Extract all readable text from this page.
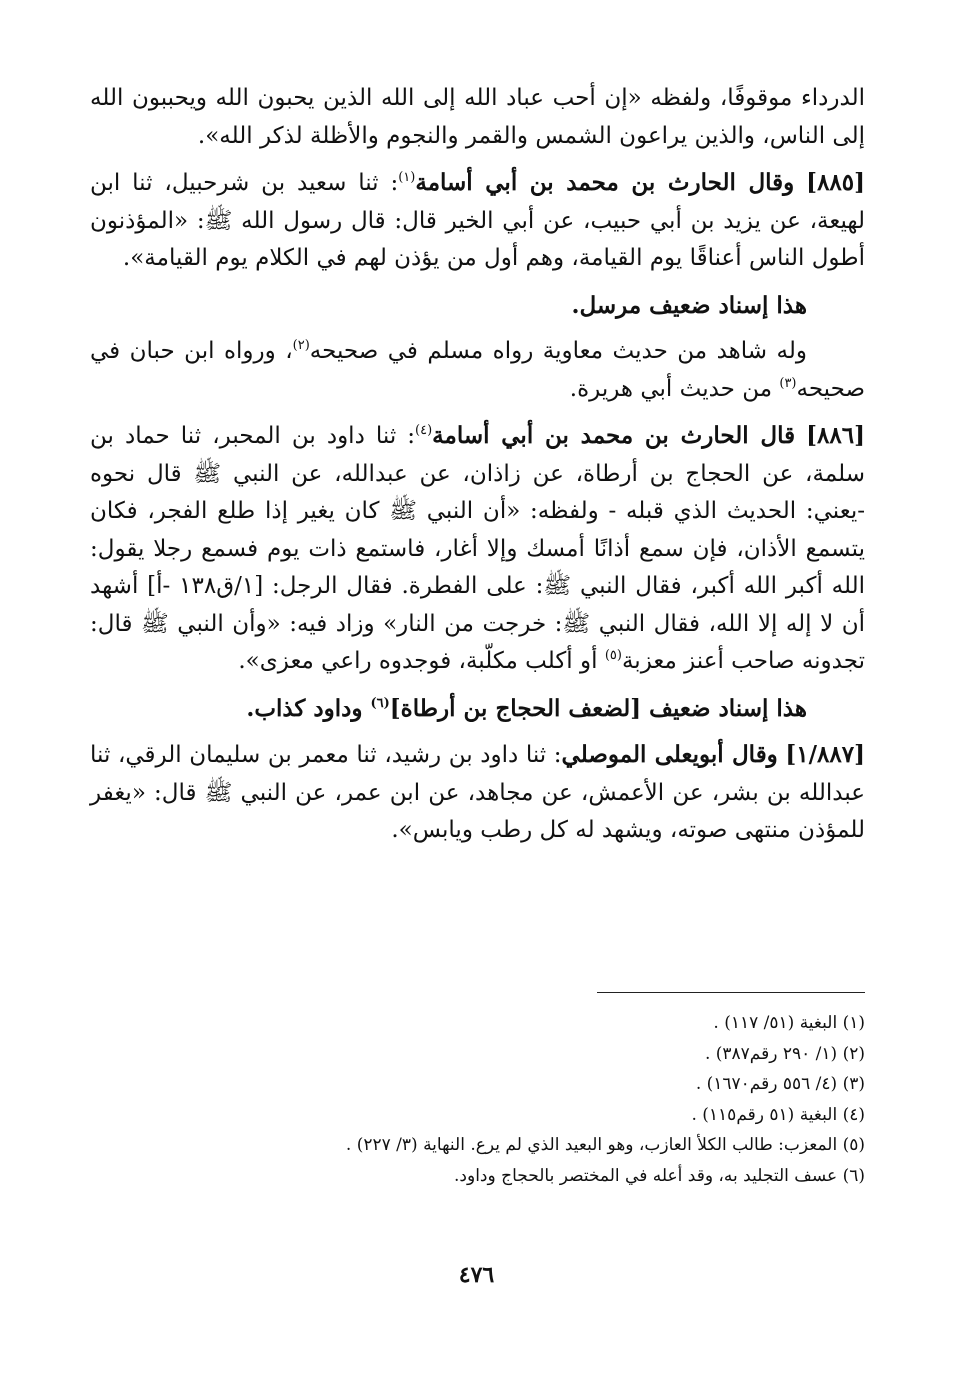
الدرداء موقوفًا، ولفظه «إن أحب عباد الله إلى الله الذين يحبون الله ويحببون الله إلى الناس، والذين يراعون الشمس والقمر والنجوم والأظلة لذكر الله».

[٨٨٥] وقال الحارث بن محمد بن أبي أسامة$^{(١)}$: ثنا سعيد بن شرحبيل، ثنا ابن لهيعة، عن يزيد بن أبي حبيب، عن أبي الخير قال: قال رسول الله ﷺ: «المؤذنون أطول الناس أعناقًا يوم القيامة، وهم أول من يؤذن لهم في الكلام يوم القيامة».

هذا إسناد ضعيف مرسل.

وله شاهد من حديث معاوية رواه مسلم في صحيحه$^{(٢)}$، ورواه ابن حبان في صحيحه$^{(٣)}$ من حديث أبي هريرة.

[٨٨٦] قال الحارث بن محمد بن أبي أسامة$^{(٤)}$: ثنا داود بن المحبر، ثنا حماد بن سلمة، عن الحجاج بن أرطاة، عن زاذان، عن عبدالله، عن النبي ﷺ قال نحوه -يعني: الحديث الذي قبله - ولفظه: «أن النبي ﷺ كان يغير إذا طلع الفجر، فكان يتسمع الأذان، فإن سمع أذانًا أمسك وإلا أغار، فاستمع ذات يوم فسمع رجلا يقول: الله أكبر الله أكبر، فقال النبي ﷺ: على الفطرة. فقال الرجل: [١/ق١٣٨ -أ] أشهد أن لا إله إلا الله، فقال النبي ﷺ: خرجت من النار» وزاد فيه: «وأن النبي ﷺ قال: تجدونه صاحب أعنز معزبة$^{(٥)}$ أو أكلب مكلّبة، فوجدوه راعي معزى».

هذا إسناد ضعيف [لضعف الحجاج بن أرطاة]$^{(٦)}$ وداود كذاب.

[١/٨٨٧] وقال أبويعلى الموصلي: ثنا داود بن رشيد، ثنا معمر بن سليمان الرقي، ثنا عبدالله بن بشر، عن الأعمش، عن مجاهد، عن ابن عمر، عن النبي ﷺ قال: «يغفر للمؤذن منتهى صوته، ويشهد له كل رطب ويابس».

(١) البغية (٥١/ ١١٧) .
(٢) (١/ ٢٩٠ رقم٣٨٧) .
(٣) (٤/ ٥٥٦ رقم١٦٧٠) .
(٤) البغية (٥١ رقم١١٥) .
(٥) المعزب: طالب الكلأ العازب، وهو البعيد الذي لم يرع. النهاية (٣/ ٢٢٧) .
(٦) عسف التجليد به، وقد أعله في المختصر بالحجاج وداود.
٤٧٦
